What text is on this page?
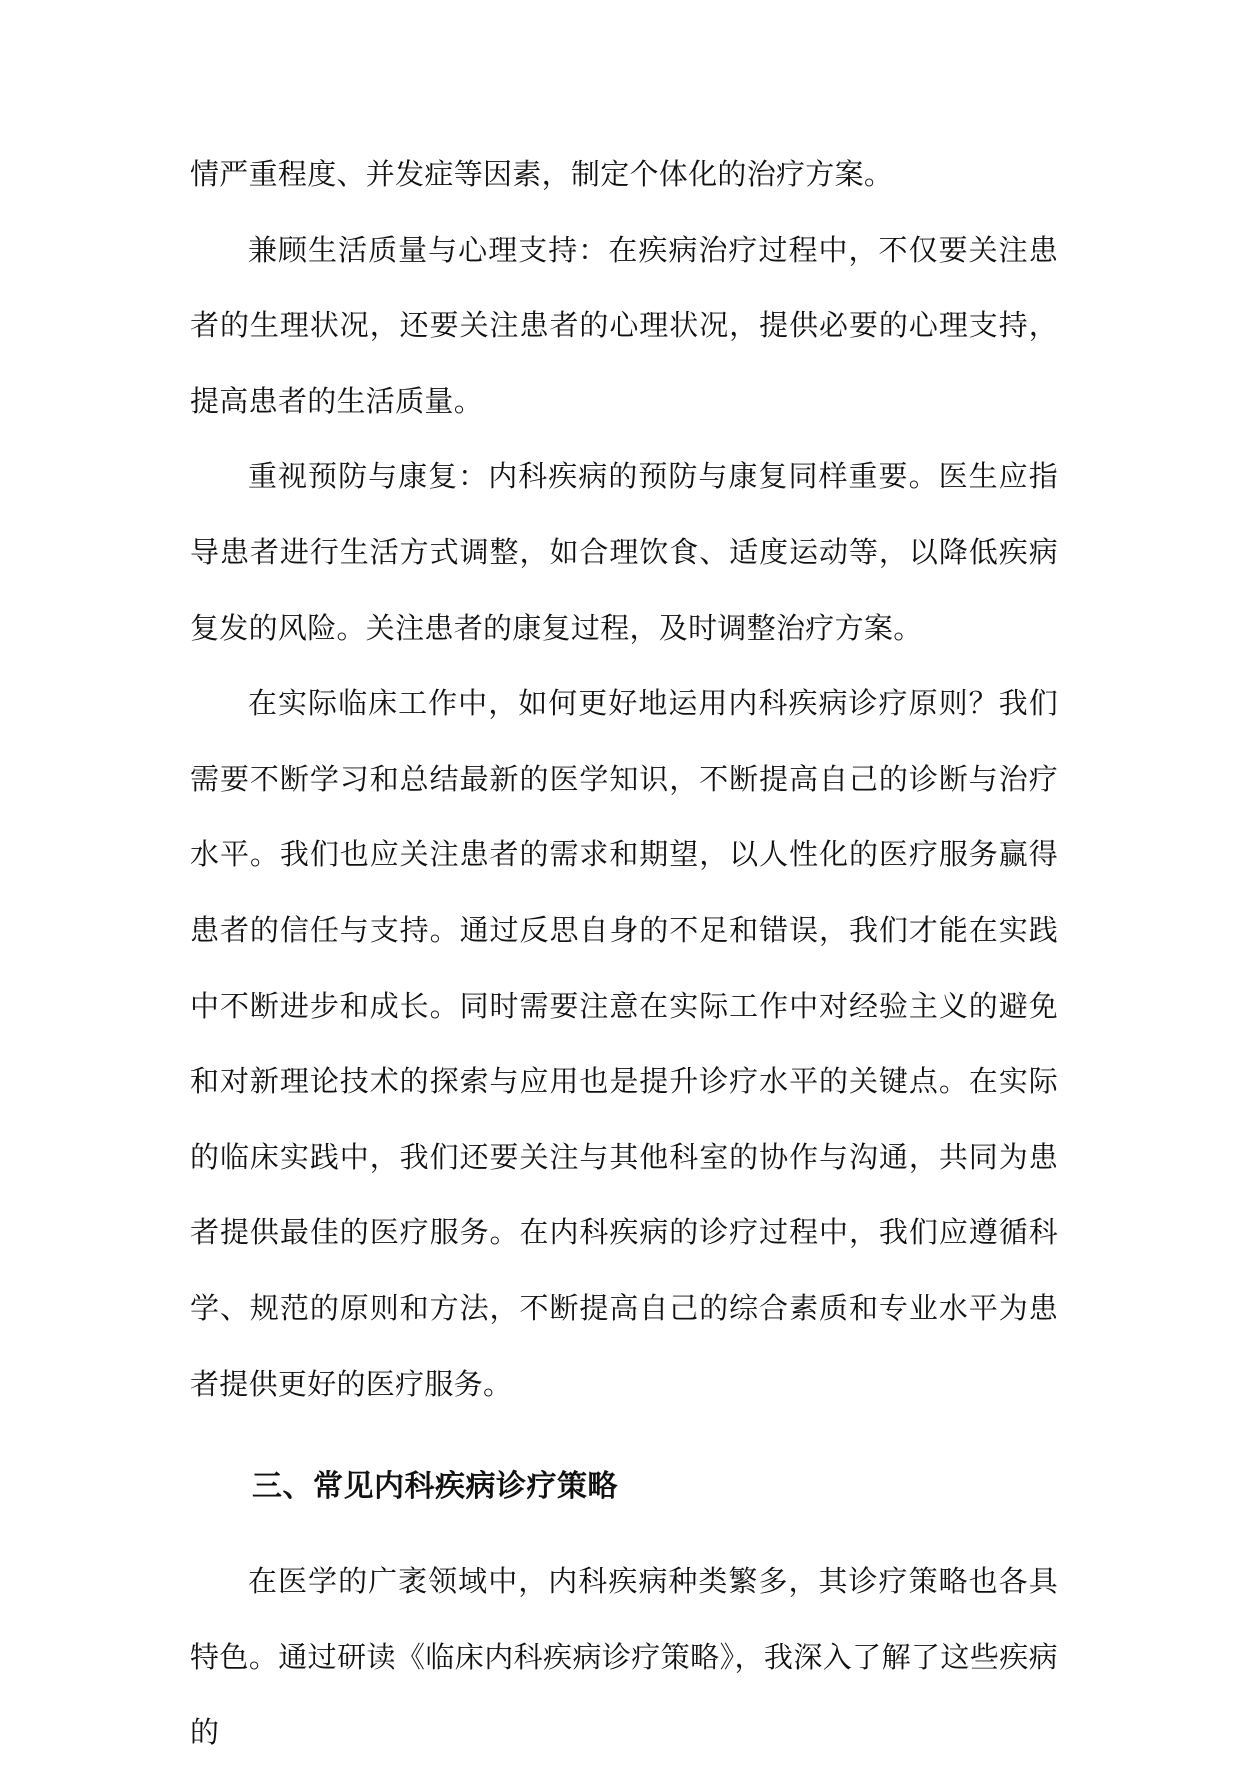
情严重程度、并发症等因素，制定个体化的治疗方案。

兼顾生活质量与心理支持：在疾病治疗过程中，不仅要关注患者的生理状况，还要关注患者的心理状况，提供必要的心理支持，提高患者的生活质量。

重视预防与康复：内科疾病的预防与康复同样重要。医生应指导患者进行生活方式调整，如合理饮食、适度运动等，以降低疾病复发的风险。关注患者的康复过程，及时调整治疗方案。

在实际临床工作中，如何更好地运用内科疾病诊疗原则？我们需要不断学习和总结最新的医学知识，不断提高自己的诊断与治疗水平。我们也应关注患者的需求和期望，以人性化的医疗服务赢得患者的信任与支持。通过反思自身的不足和错误，我们才能在实践中不断进步和成长。同时需要注意在实际工作中对经验主义的避免和对新理论技术的探索与应用也是提升诊疗水平的关键点。在实际的临床实践中，我们还要关注与其他科室的协作与沟通，共同为患者提供最佳的医疗服务。在内科疾病的诊疗过程中，我们应遵循科学、规范的原则和方法，不断提高自己的综合素质和专业水平为患者提供更好的医疗服务。

三、常见内科疾病诊疗策略

在医学的广袤领域中，内科疾病种类繁多，其诊疗策略也各具特色。通过研读《临床内科疾病诊疗策略》，我深入了解了这些疾病的
